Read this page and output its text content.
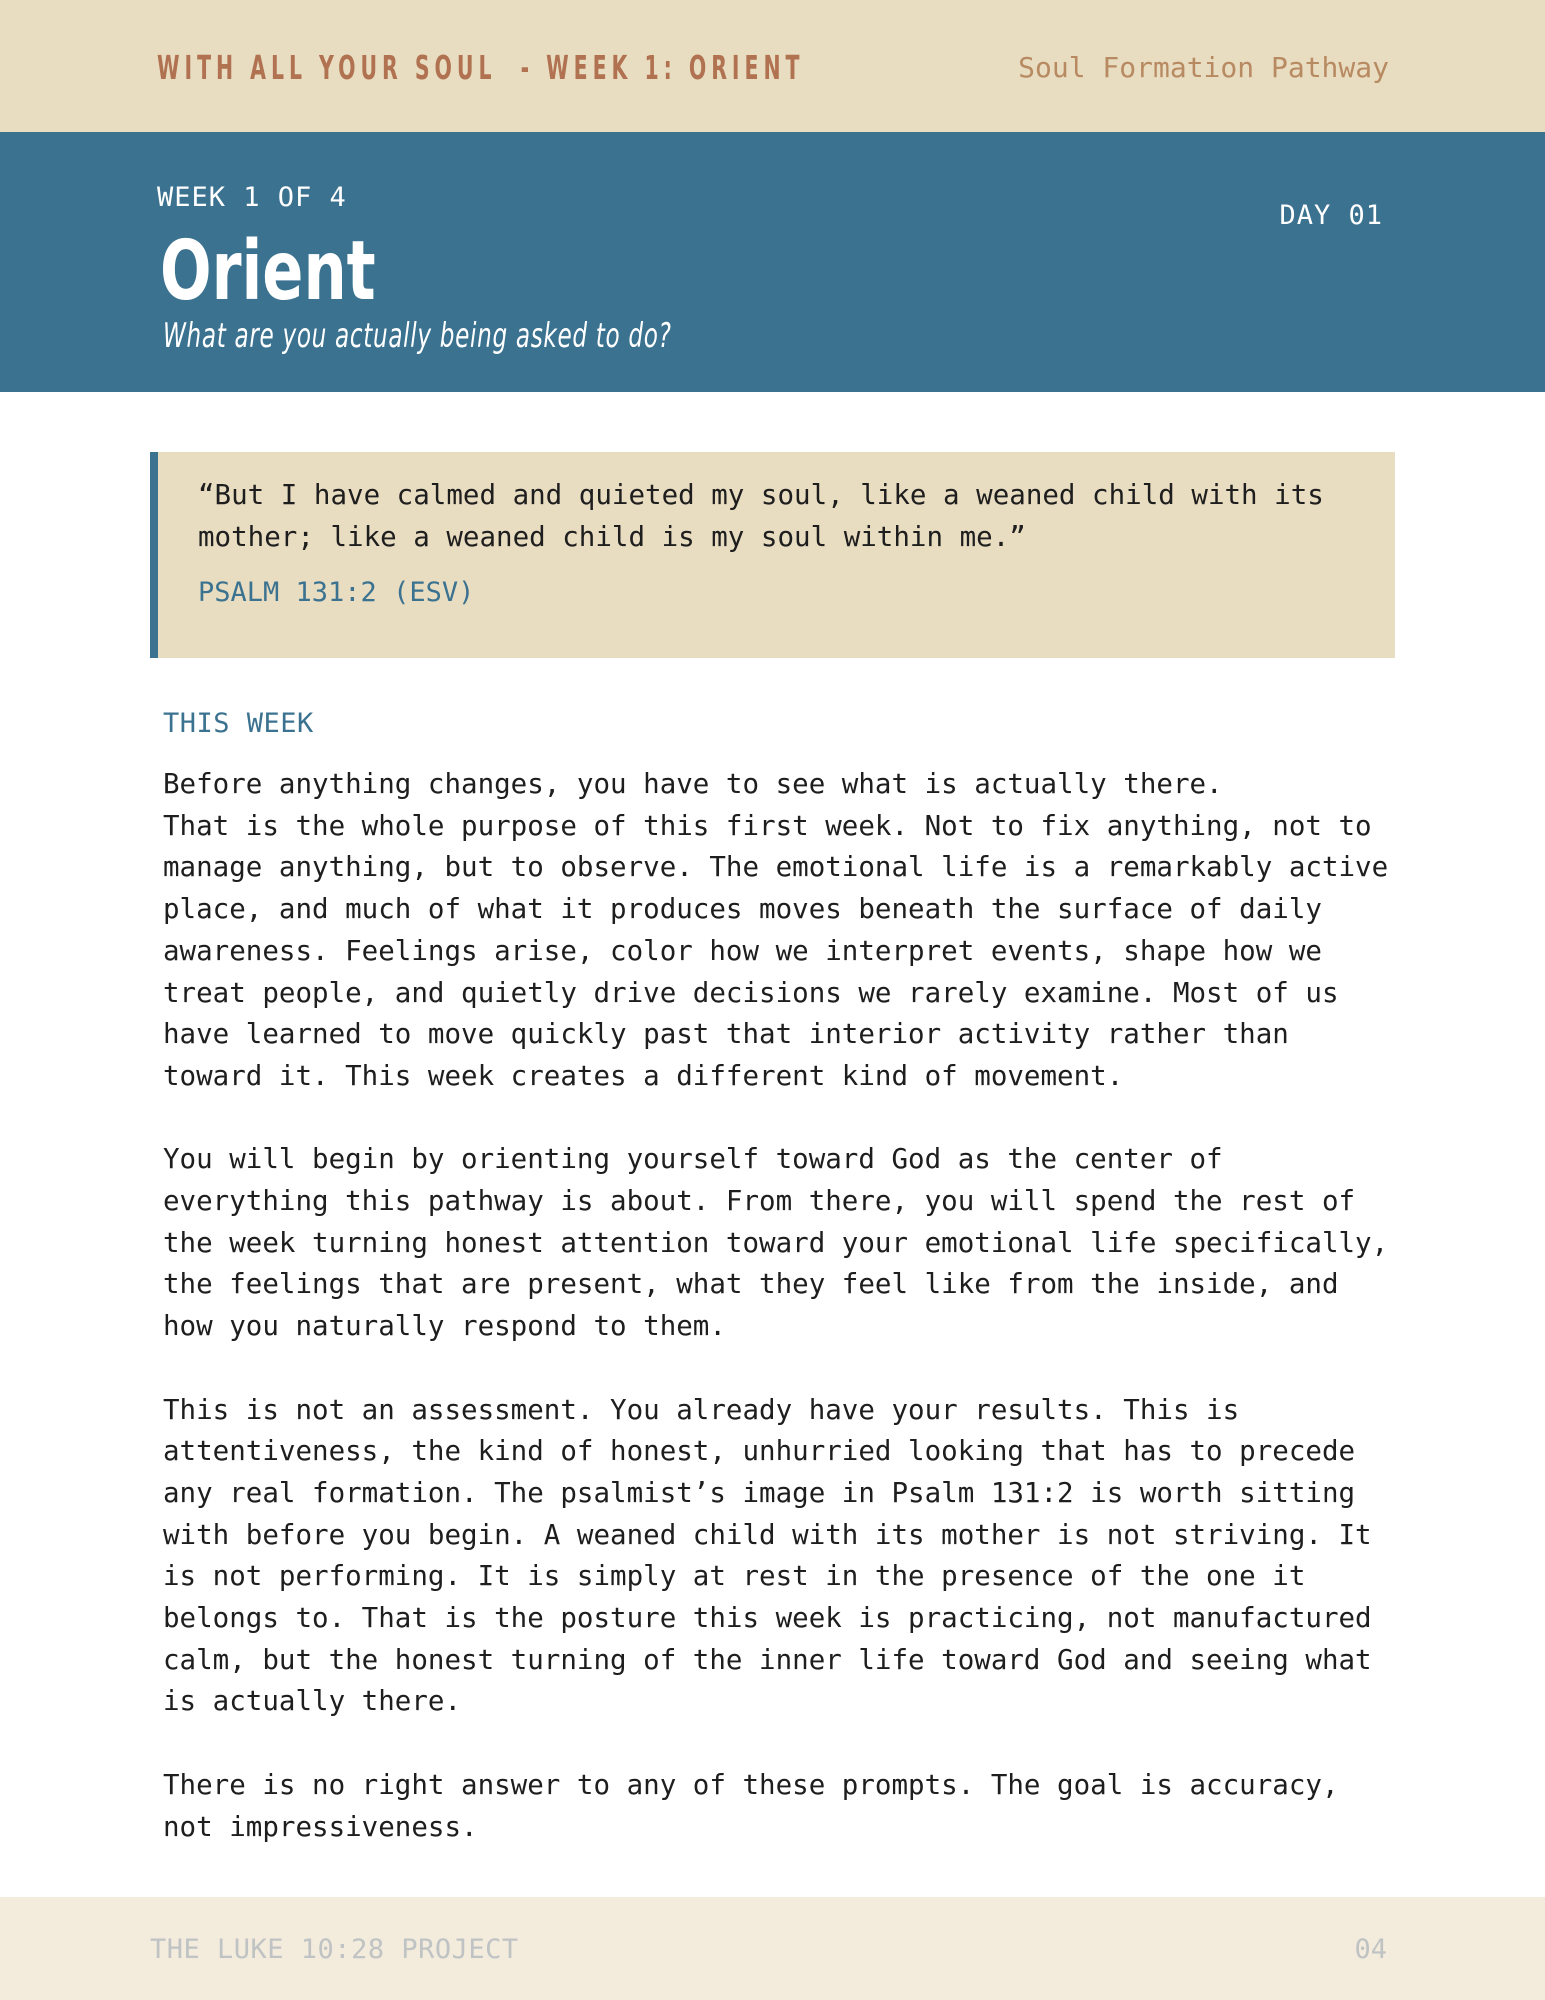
WITH ALL YOUR SOUL  - WEEK 1: ORIENT	Soul Formation Pathway
WEEK 1 OF 4
Orient
What are you actually being asked to do?
DAY 01

“But I have calmed and quieted my soul, like a weaned child with its mother; like a weaned child is my soul within me.”

PSALM 131:2 (ESV)
THIS WEEK

Before anything changes, you have to see what is actually there.
That is the whole purpose of this first week. Not to fix anything, not to manage anything, but to observe. The emotional life is a remarkably active place, and much of what it produces moves beneath the surface of daily awareness. Feelings arise, color how we interpret events, shape how we treat people, and quietly drive decisions we rarely examine. Most of us have learned to move quickly past that interior activity rather than toward it. This week creates a different kind of movement.

You will begin by orienting yourself toward God as the center of everything this pathway is about. From there, you will spend the rest of the week turning honest attention toward your emotional life specifically, the feelings that are present, what they feel like from the inside, and how you naturally respond to them.

This is not an assessment. You already have your results. This is attentiveness, the kind of honest, unhurried looking that has to precede any real formation. The psalmist’s image in Psalm 131:2 is worth sitting with before you begin. A weaned child with its mother is not striving. It is not performing. It is simply at rest in the presence of the one it belongs to. That is the posture this week is practicing, not manufactured calm, but the honest turning of the inner life toward God and seeing what is actually there.

There is no right answer to any of these prompts. The goal is accuracy, not impressiveness.

THE LUKE 10:28 PROJECT	04
